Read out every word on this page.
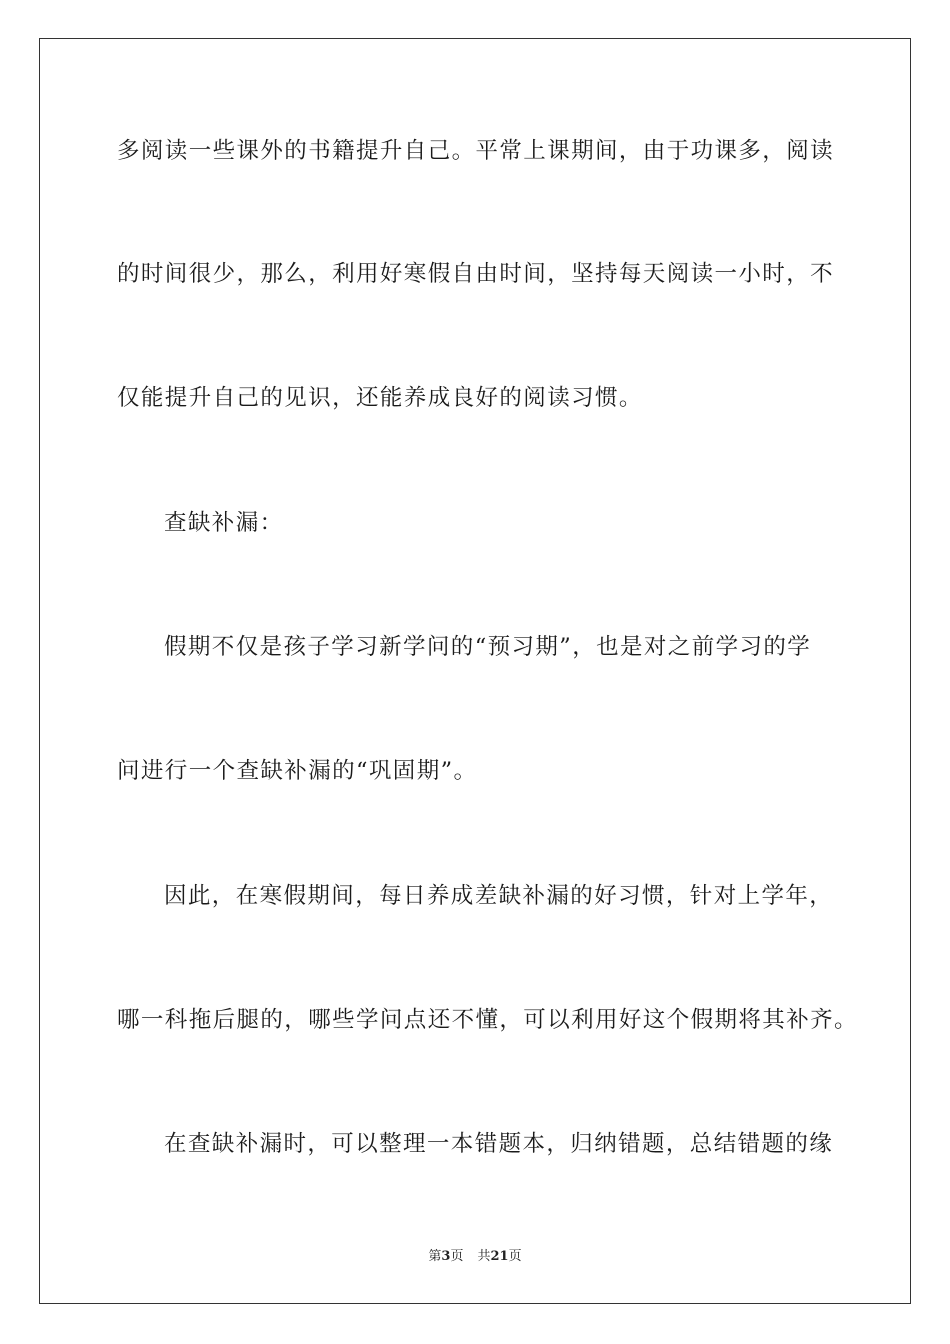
多阅读一些课外的书籍提升自己。平常上课期间，由于功课多，阅读
的时间很少，那么，利用好寒假自由时间，坚持每天阅读一小时，不
仅能提升自己的见识，还能养成良好的阅读习惯。
查缺补漏：
假期不仅是孩子学习新学问的“预习期”，也是对之前学习的学
问进行一个查缺补漏的“巩固期”。
因此，在寒假期间，每日养成差缺补漏的好习惯，针对上学年，
哪一科拖后腿的，哪些学问点还不懂，可以利用好这个假期将其补齐。
在查缺补漏时，可以整理一本错题本，归纳错题，总结错题的缘
第3页 共21页
